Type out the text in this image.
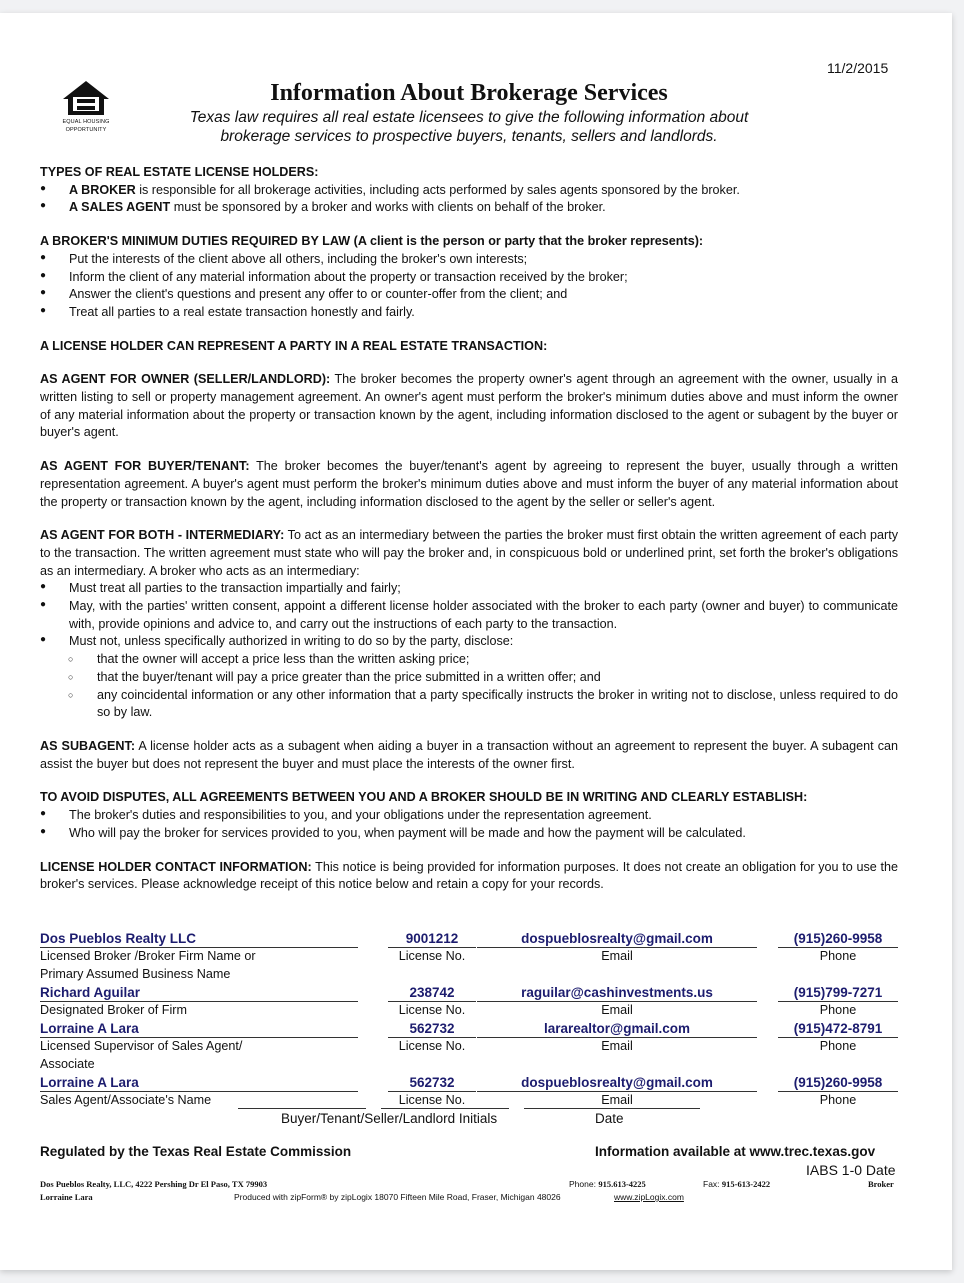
11/2/2015
EQUAL HOUSING
OPPORTUNITY
Information About Brokerage Services
Texas law requires all real estate licensees to give the following information about
brokerage services to prospective buyers, tenants, sellers and landlords.

TYPES OF REAL ESTATE LICENSE HOLDERS:

● A BROKER is responsible for all brokerage activities, including acts performed by sales agents sponsored by the broker.
● A SALES AGENT must be sponsored by a broker and works with clients on behalf of the broker.

A BROKER'S MINIMUM DUTIES REQUIRED BY LAW (A client is the person or party that the broker represents):

● Put the interests of the client above all others, including the broker's own interests;
● Inform the client of any material information about the property or transaction received by the broker;
● Answer the client's questions and present any offer to or counter-offer from the client; and
● Treat all parties to a real estate transaction honestly and fairly.

A LICENSE HOLDER CAN REPRESENT A PARTY IN A REAL ESTATE TRANSACTION:

AS AGENT FOR OWNER (SELLER/LANDLORD): The broker becomes the property owner's agent through an agreement with the owner, usually in a written listing to sell or property management agreement. An owner's agent must perform the broker's minimum duties above and must inform the owner of any material information about the property or transaction known by the agent, including information disclosed to the agent or subagent by the buyer or buyer's agent.

AS AGENT FOR BUYER/TENANT: The broker becomes the buyer/tenant's agent by agreeing to represent the buyer, usually through a written representation agreement. A buyer's agent must perform the broker's minimum duties above and must inform the buyer of any material information about the property or transaction known by the agent, including information disclosed to the agent by the seller or seller's agent.

AS AGENT FOR BOTH - INTERMEDIARY: To act as an intermediary between the parties the broker must first obtain the written agreement of each party to the transaction. The written agreement must state who will pay the broker and, in conspicuous bold or underlined print, set forth the broker's obligations as an intermediary. A broker who acts as an intermediary:

● Must treat all parties to the transaction impartially and fairly;
● May, with the parties' written consent, appoint a different license holder associated with the broker to each party (owner and buyer) to communicate with, provide opinions and advice to, and carry out the instructions of each party to the transaction.
● Must not, unless specifically authorized in writing to do so by the party, disclose:
○ that the owner will accept a price less than the written asking price;
○ that the buyer/tenant will pay a price greater than the price submitted in a written offer; and
○ any coincidental information or any other information that a party specifically instructs the broker in writing not to disclose, unless required to do so by law.

AS SUBAGENT: A license holder acts as a subagent when aiding a buyer in a transaction without an agreement to represent the buyer. A subagent can assist the buyer but does not represent the buyer and must place the interests of the owner first.

TO AVOID DISPUTES, ALL AGREEMENTS BETWEEN YOU AND A BROKER SHOULD BE IN WRITING AND CLEARLY ESTABLISH:

● The broker's duties and responsibilities to you, and your obligations under the representation agreement.
● Who will pay the broker for services provided to you, when payment will be made and how the payment will be calculated.

LICENSE HOLDER CONTACT INFORMATION: This notice is being provided for information purposes. It does not create an obligation for you to use the broker's services. Please acknowledge receipt of this notice below and retain a copy for your records.

Dos Pueblos Realty LLC	9001212	dospueblosrealty@gmail.com	(915)260-9958
Licensed Broker /Broker Firm Name or	License No.	Email	Phone
Primary Assumed Business Name
Richard Aguilar	238742	raguilar@cashinvestments.us	(915)799-7271
Designated Broker of Firm	License No.	Email	Phone
Lorraine A Lara	562732	lararealtor@gmail.com	(915)472-8791
Licensed Supervisor of Sales Agent/	License No.	Email	Phone
Associate
Lorraine A Lara	562732	dospueblosrealty@gmail.com	(915)260-9958
Sales Agent/Associate's Name	License No.	Email	Phone
Buyer/Tenant/Seller/Landlord Initials	Date
Regulated by the Texas Real Estate Commission	Information available at www.trec.texas.gov
IABS 1-0 Date
Dos Pueblos Realty, LLC, 4222 Pershing Dr El Paso, TX 79903	Phone: 915.613-4225	Fax: 915-613-2422	Broker
Lorraine Lara	Produced with zipForm® by zipLogix 18070 Fifteen Mile Road, Fraser, Michigan 48026	www.zipLogix.com
